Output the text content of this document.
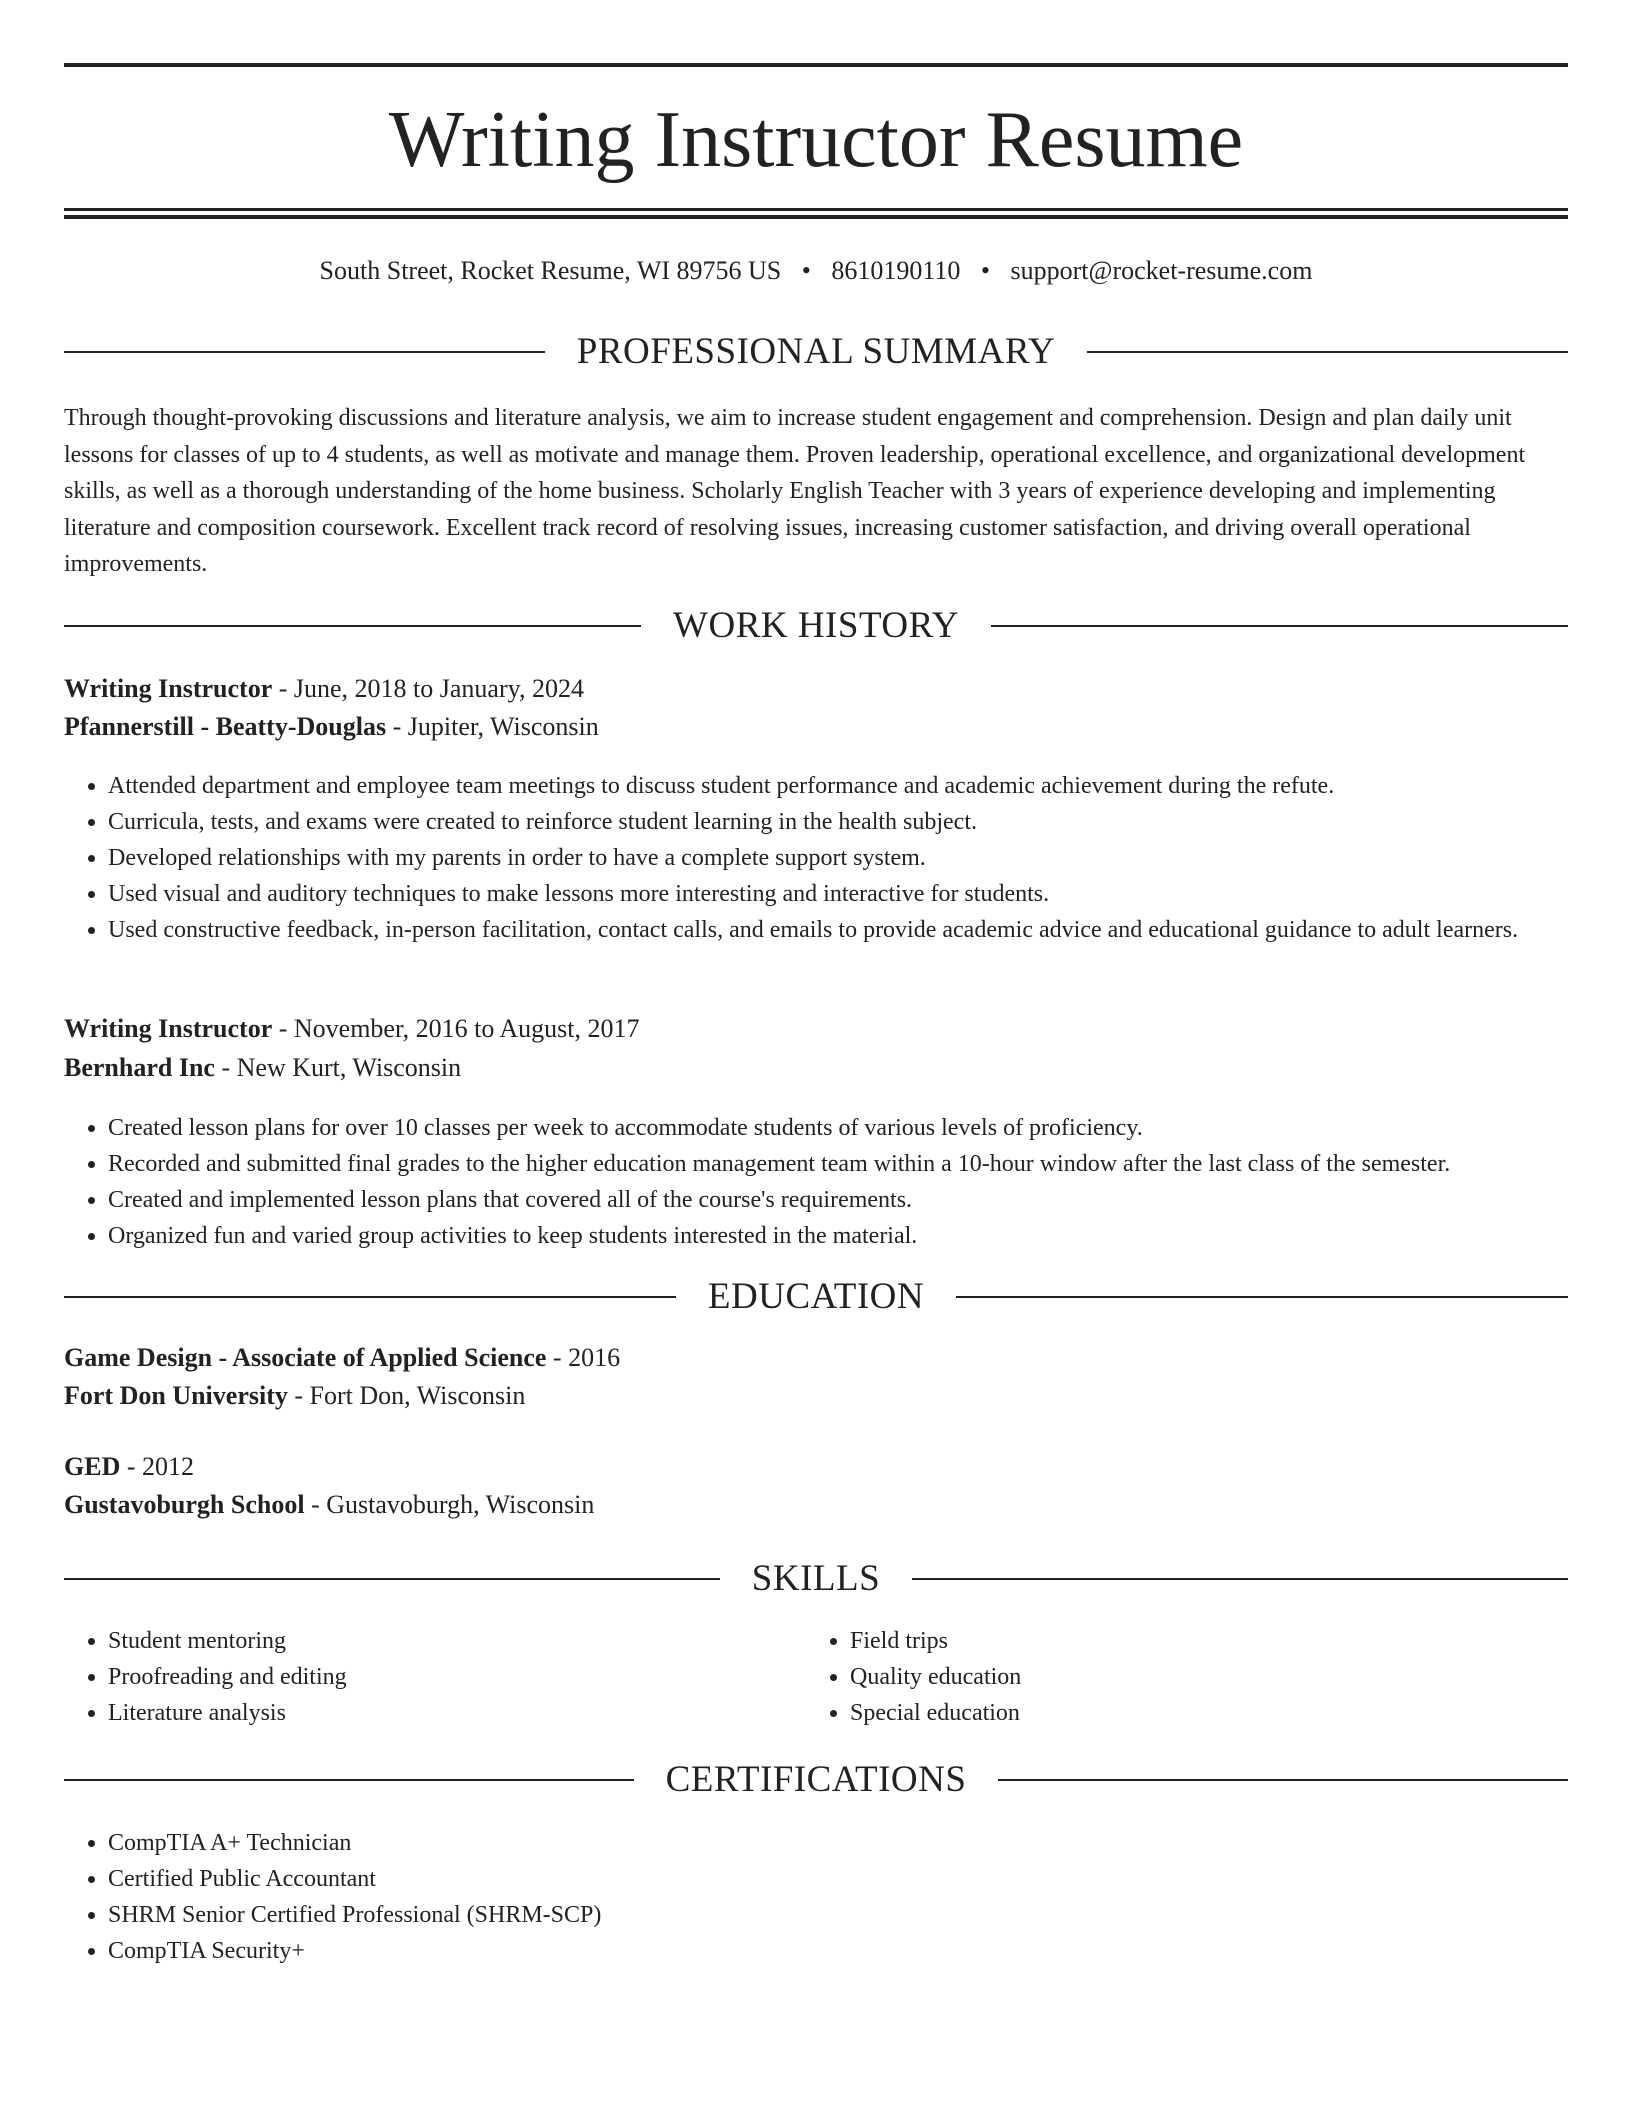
Writing Instructor Resume
South Street, Rocket Resume, WI 89756 US • 8610190110 • support@rocket-resume.com
PROFESSIONAL SUMMARY

Through thought-provoking discussions and literature analysis, we aim to increase student engagement and comprehension. Design and plan daily unit lessons for classes of up to 4 students, as well as motivate and manage them. Proven leadership, operational excellence, and organizational development skills, as well as a thorough understanding of the home business. Scholarly English Teacher with 3 years of experience developing and implementing literature and composition coursework. Excellent track record of resolving issues, increasing customer satisfaction, and driving overall operational improvements.

WORK HISTORY
Writing Instructor - June, 2018 to January, 2024
Pfannerstill - Beatty-Douglas - Jupiter, Wisconsin
• Attended department and employee team meetings to discuss student performance and academic achievement during the refute.
• Curricula, tests, and exams were created to reinforce student learning in the health subject.
• Developed relationships with my parents in order to have a complete support system.
• Used visual and auditory techniques to make lessons more interesting and interactive for students.
• Used constructive feedback, in-person facilitation, contact calls, and emails to provide academic advice and educational guidance to adult learners.
Writing Instructor - November, 2016 to August, 2017
Bernhard Inc - New Kurt, Wisconsin
• Created lesson plans for over 10 classes per week to accommodate students of various levels of proficiency.
• Recorded and submitted final grades to the higher education management team within a 10-hour window after the last class of the semester.
• Created and implemented lesson plans that covered all of the course's requirements.
• Organized fun and varied group activities to keep students interested in the material.
EDUCATION
Game Design - Associate of Applied Science - 2016
Fort Don University - Fort Don, Wisconsin
GED - 2012
Gustavoburgh School - Gustavoburgh, Wisconsin
SKILLS
• Student mentoring
• Proofreading and editing
• Literature analysis
• Field trips
• Quality education
• Special education
CERTIFICATIONS
• CompTIA A+ Technician
• Certified Public Accountant
• SHRM Senior Certified Professional (SHRM-SCP)
• CompTIA Security+
